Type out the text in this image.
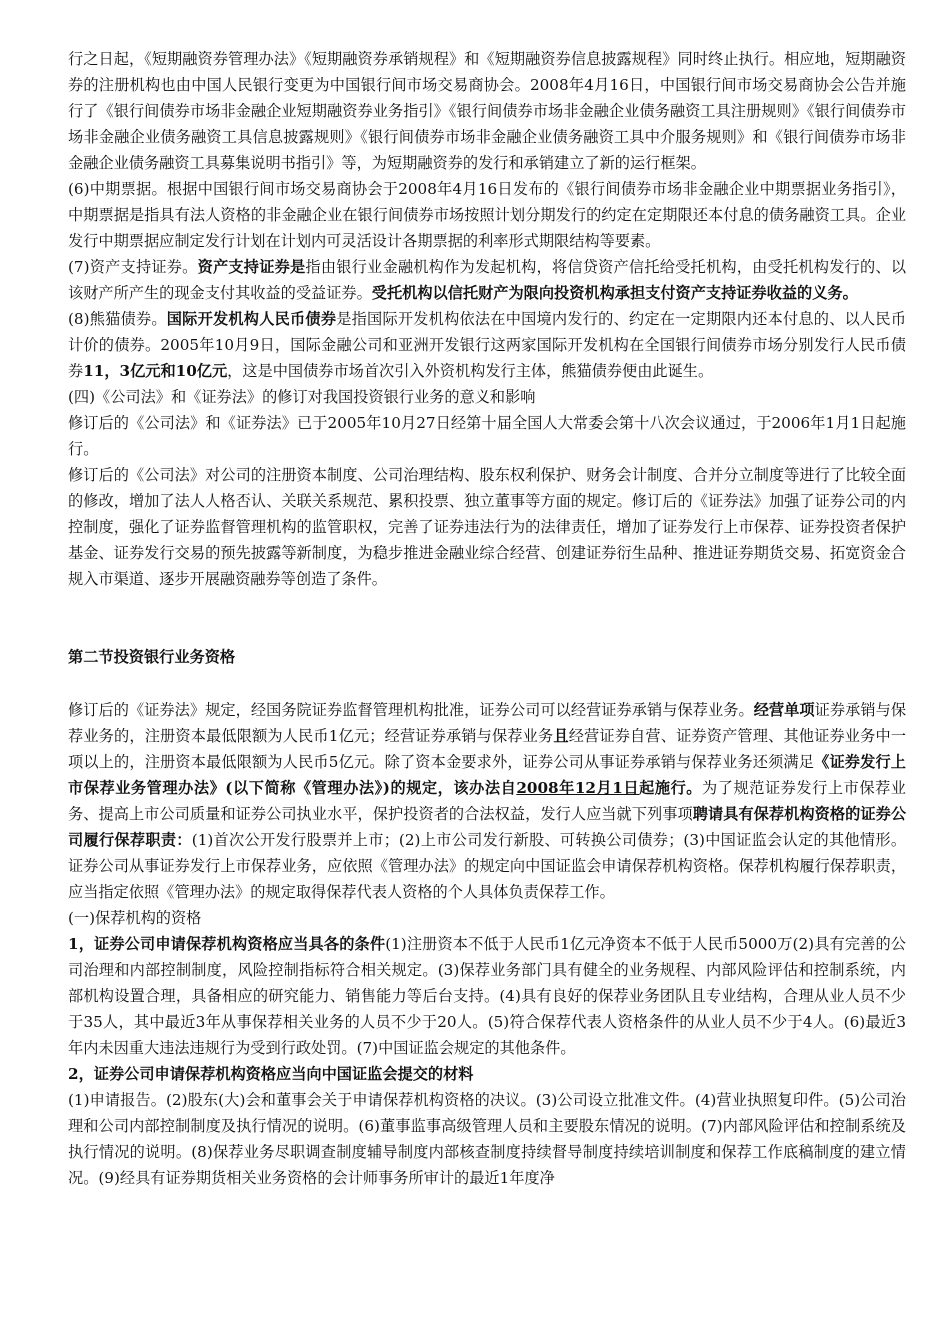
行之日起，《短期融资券管理办法》《短期融资券承销规程》和《短期融资券信息披露规程》同时终止执行。相应地，短期融资券的注册机构也由中国人民银行变更为中国银行间市场交易商协会。2008年4月16日，中国银行间市场交易商协会公告并施行了《银行间债券市场非金融企业短期融资券业务指引》《银行间债券市场非金融企业债务融资工具注册规则》《银行间债券市场非金融企业债务融资工具信息披露规则》《银行间债券市场非金融企业债务融资工具中介服务规则》和《银行间债券市场非金融企业债务融资工具募集说明书指引》等，为短期融资券的发行和承销建立了新的运行框架。

(6)中期票据。根据中国银行间市场交易商协会于2008年4月16日发布的《银行间债券市场非金融企业中期票据业务指引》，中期票据是指具有法人资格的非金融企业在银行间债券市场按照计划分期发行的约定在定期限还本付息的债务融资工具。企业发行中期票据应制定发行计划在计划内可灵活设计各期票据的利率形式期限结构等要素。

(7)资产支持证券。资产支持证券是指由银行业金融机构作为发起机构，将信贷资产信托给受托机构，由受托机构发行的、以该财产所产生的现金支付其收益的受益证券。受托机构以信托财产为限向投资机构承担支付资产支持证券收益的义务。

(8)熊猫债券。国际开发机构人民币债券是指国际开发机构依法在中国境内发行的、约定在一定期限内还本付息的、以人民币计价的债券。2005年10月9日，国际金融公司和亚洲开发银行这两家国际开发机构在全国银行间债券市场分别发行人民币债券11，3亿元和10亿元，这是中国债券市场首次引入外资机构发行主体，熊猫债券便由此诞生。

(四)《公司法》和《证券法》的修订对我国投资银行业务的意义和影响

修订后的《公司法》和《证券法》已于2005年10月27日经第十届全国人大常委会第十八次会议通过，于2006年1月1日起施行。

修订后的《公司法》对公司的注册资本制度、公司治理结构、股东权利保护、财务会计制度、合并分立制度等进行了比较全面的修改，增加了法人人格否认、关联关系规范、累积投票、独立董事等方面的规定。修订后的《证券法》加强了证券公司的内控制度，强化了证券监督管理机构的监管职权，完善了证券违法行为的法律责任，增加了证券发行上市保荐、证券投资者保护基金、证券发行交易的预先披露等新制度，为稳步推进金融业综合经营、创建证券衍生品种、推进证券期货交易、拓宽资金合规入市渠道、逐步开展融资融券等创造了条件。

第二节投资银行业务资格

修订后的《证券法》规定，经国务院证券监督管理机构批准，证券公司可以经营证券承销与保荐业务。经营单项证券承销与保荐业务的，注册资本最低限额为人民币1亿元；经营证券承销与保荐业务且经营证券自营、证券资产管理、其他证券业务中一项以上的，注册资本最低限额为人民币5亿元。除了资本金要求外，证券公司从事证券承销与保荐业务还须满足《证券发行上市保荐业务管理办法》(以下简称《管理办法》)的规定，该办法自2008年12月1日起施行。为了规范证券发行上市保荐业务、提高上市公司质量和证券公司执业水平，保护投资者的合法权益，发行人应当就下列事项聘请具有保荐机构资格的证券公司履行保荐职责：(1)首次公开发行股票并上市；(2)上市公司发行新股、可转换公司债券；(3)中国证监会认定的其他情形。证券公司从事证券发行上市保荐业务，应依照《管理办法》的规定向中国证监会申请保荐机构资格。保荐机构履行保荐职责，应当指定依照《管理办法》的规定取得保荐代表人资格的个人具体负责保荐工作。

(一)保荐机构的资格

1，证券公司申请保荐机构资格应当具各的条件(1)注册资本不低于人民币1亿元净资本不低于人民币5000万(2)具有完善的公司治理和内部控制制度，风险控制指标符合相关规定。(3)保荐业务部门具有健全的业务规程、内部风险评估和控制系统，内部机构设置合理，具备相应的研究能力、销售能力等后台支持。(4)具有良好的保荐业务团队且专业结构，合理从业人员不少于35人，其中最近3年从事保荐相关业务的人员不少于20人。(5)符合保荐代表人资格条件的从业人员不少于4人。(6)最近3年内未因重大违法违规行为受到行政处罚。(7)中国证监会规定的其他条件。

2，证券公司申请保荐机构资格应当向中国证监会提交的材料

(1)申请报告。(2)股东(大)会和董事会关于申请保荐机构资格的决议。(3)公司设立批准文件。(4)营业执照复印件。(5)公司治理和公司内部控制制度及执行情况的说明。(6)董事监事高级管理人员和主要股东情况的说明。(7)内部风险评估和控制系统及执行情况的说明。(8)保荐业务尽职调查制度辅导制度内部核查制度持续督导制度持续培训制度和保荐工作底稿制度的建立情况。(9)经具有证券期货相关业务资格的会计师事务所审计的最近1年度净
